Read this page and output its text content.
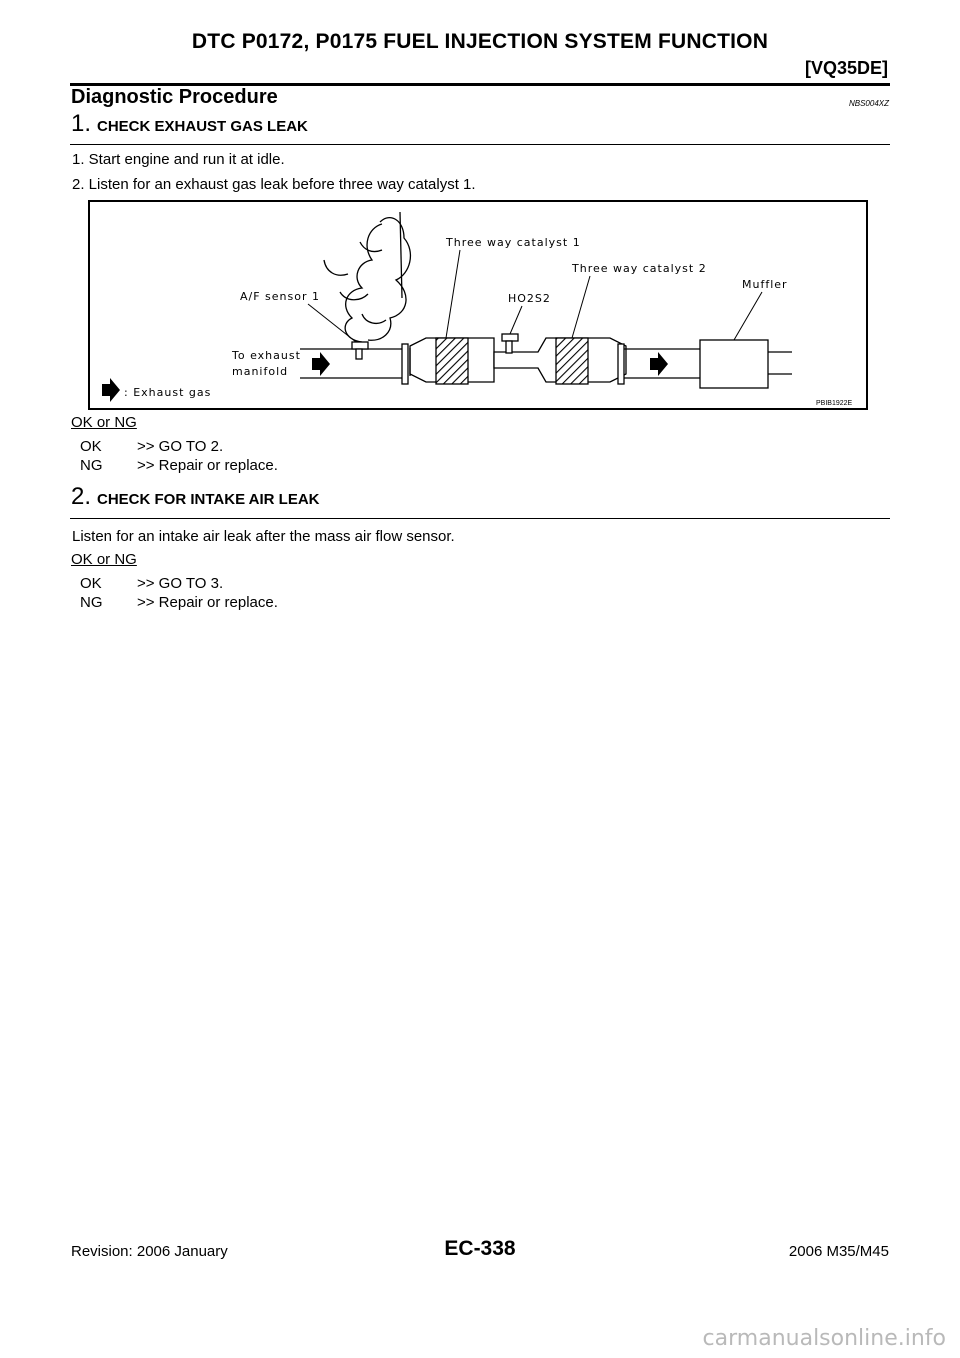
DTC P0172, P0175 FUEL INJECTION SYSTEM FUNCTION
[VQ35DE]
Diagnostic Procedure	NBS004XZ
1. CHECK EXHAUST GAS LEAK
1. Start engine and run it at idle.
2. Listen for an exhaust gas leak before three way catalyst 1.
Three way catalyst 1
Three way catalyst 2
Muffler
A/F sensor 1	HO2S2
To exhaust
manifold
: Exhaust gas
PBIB1922E
OK or NG
OK >> GO TO 2.
NG >> Repair or replace.
2. CHECK FOR INTAKE AIR LEAK
Listen for an intake air leak after the mass air flow sensor.
OK or NG
OK >> GO TO 3.
NG >> Repair or replace.
Revision: 2006 January	EC-338	2006 M35/M45
carmanualsonline.info
